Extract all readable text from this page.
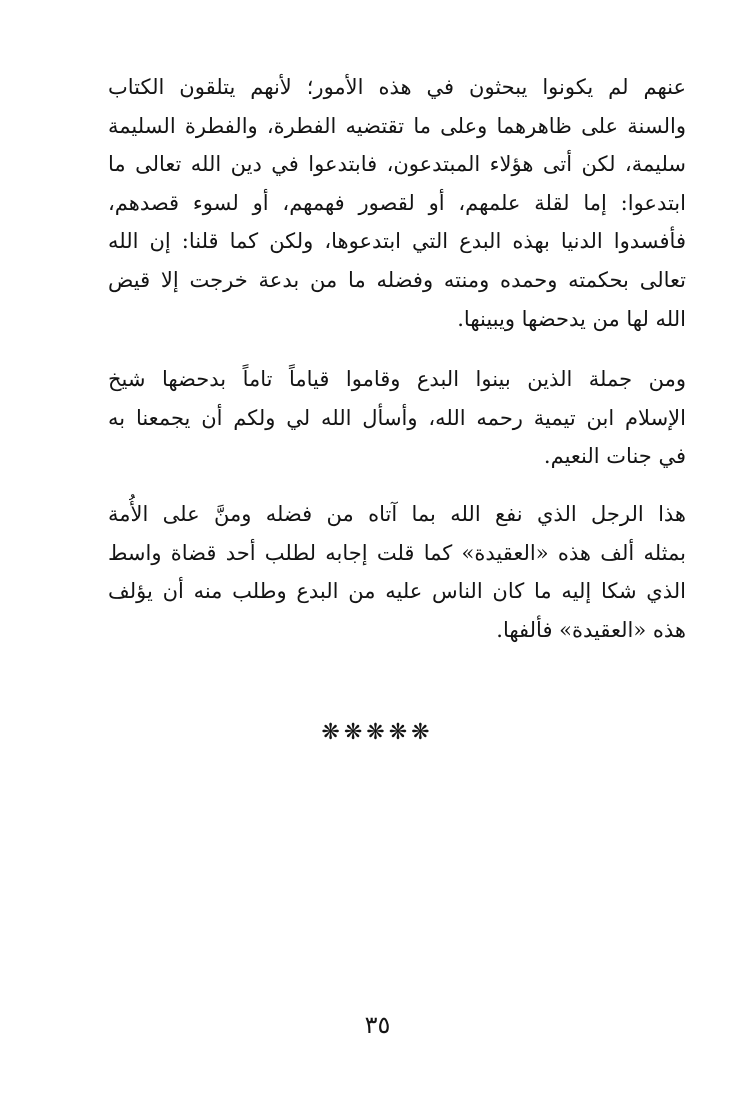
عنهم لم يكونوا يبحثون في هذه الأمور؛ لأنهم يتلقون الكتاب
والسنة على ظاهرهما وعلى ما تقتضيه الفطرة، والفطرة السليمة
سليمة، لكن أتى هؤلاء المبتدعون، فابتدعوا في دين الله تعالى ما
ابتدعوا: إما لقلة علمهم، أو لقصور فهمهم، أو لسوء قصدهم،
فأفسدوا الدنيا بهذه البدع التي ابتدعوها، ولكن كما قلنا: إن الله
تعالى بحكمته وحمده ومنته وفضله ما من بدعة خرجت إلا قيض
الله لها من يدحضها ويبينها.
ومن جملة الذين بينوا البدع وقاموا قياماً تاماً بدحضها شيخ
الإسلام ابن تيمية رحمه الله، وأسأل الله لي ولكم أن يجمعنا به
في جنات النعيم.
هذا الرجل الذي نفع الله بما آتاه من فضله ومنَّ على الأُمة
بمثله ألف هذه «العقيدة» كما قلت إجابه لطلب أحد قضاة واسط
الذي شكا إليه ما كان الناس عليه من البدع وطلب منه أن يؤلف
هذه «العقيدة» فألفها.
❋❋❋❋❋
٣٥
